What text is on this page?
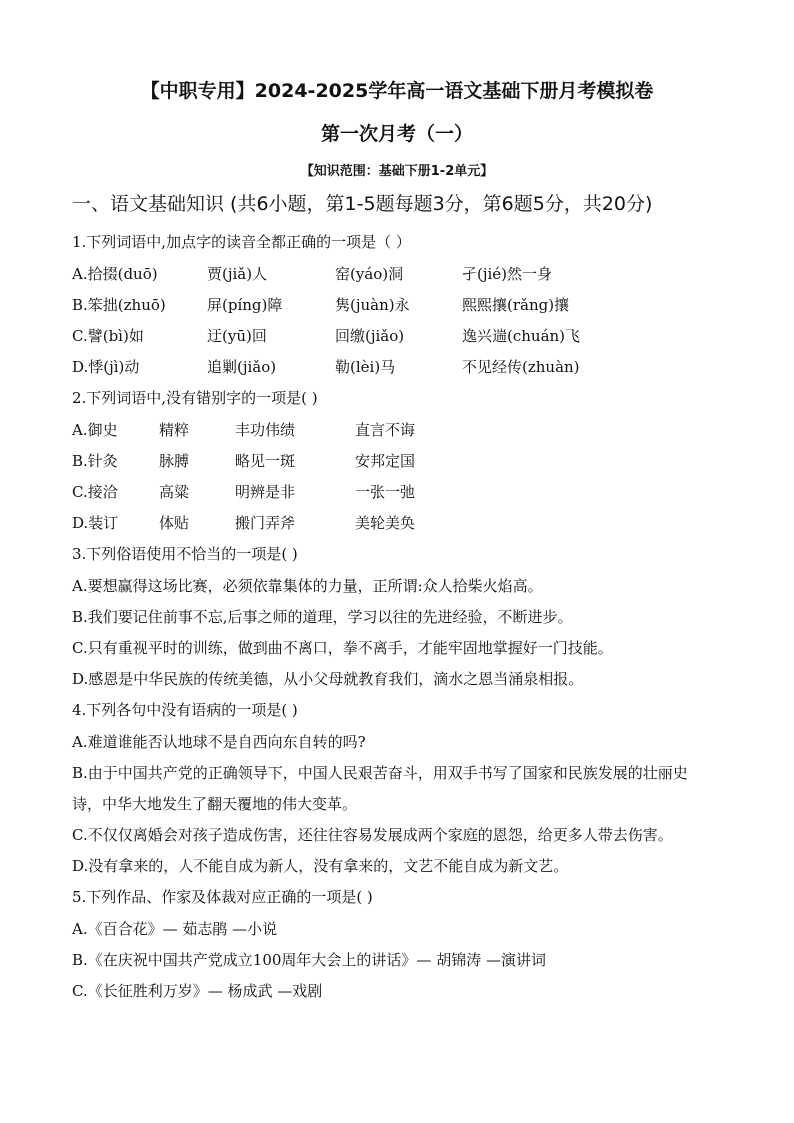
【中职专用】2024-2025学年高一语文基础下册月考模拟卷
第一次月考（一）
【知识范围：基础下册1-2单元】
一、语文基础知识 (共6小题，第1-5题每题3分，第6题5分，共20分)
1.下列词语中,加点字的读音全都正确的一项是（ ）
A.拾掇(duō)	贾(jiǎ)人	窑(yáo)洞	孑(jié)然一身
B.笨拙(zhuō)	屏(píng)障	隽(juàn)永	熙熙攘(rǎng)攘
C.譬(bì)如	迂(yū)回	回缴(jiǎo)	逸兴遄(chuán)飞
D.悸(jì)动	追剿(jiǎo)	勒(lèi)马	不见经传(zhuàn)
2.下列词语中,没有错别字的一项是( )
A.御史	精粹	丰功伟绩	直言不诲
B.针灸	脉膊	略见一斑	安邦定国
C.接洽	高粱	明辨是非	一张一弛
D.装订	体贴	搬门弄斧	美轮美奂
3.下列俗语使用不恰当的一项是( )
A.要想赢得这场比赛，必须依靠集体的力量，正所谓:众人拾柴火焰高。
B.我们要记住前事不忘,后事之师的道理，学习以往的先进经验，不断进步。
C.只有重视平时的训练，做到曲不离口，拳不离手，才能牢固地掌握好一门技能。
D.感恩是中华民族的传统美德，从小父母就教育我们，滴水之恩当涌泉相报。
4.下列各句中没有语病的一项是( )
A.难道谁能否认地球不是自西向东自转的吗?
B.由于中国共产党的正确领导下，中国人民艰苦奋斗，用双手书写了国家和民族发展的壮丽史
诗，中华大地发生了翻天覆地的伟大变革。
C.不仅仅离婚会对孩子造成伤害，还往往容易发展成两个家庭的恩怨，给更多人带去伤害。
D.没有拿来的，人不能自成为新人，没有拿来的，文艺不能自成为新文艺。
5.下列作品、作家及体裁对应正确的一项是( )
A.《百合花》— 茹志鹃 —小说
B.《在庆祝中国共产党成立100周年大会上的讲话》— 胡锦涛 —演讲词
C.《长征胜利万岁》— 杨成武 —戏剧
